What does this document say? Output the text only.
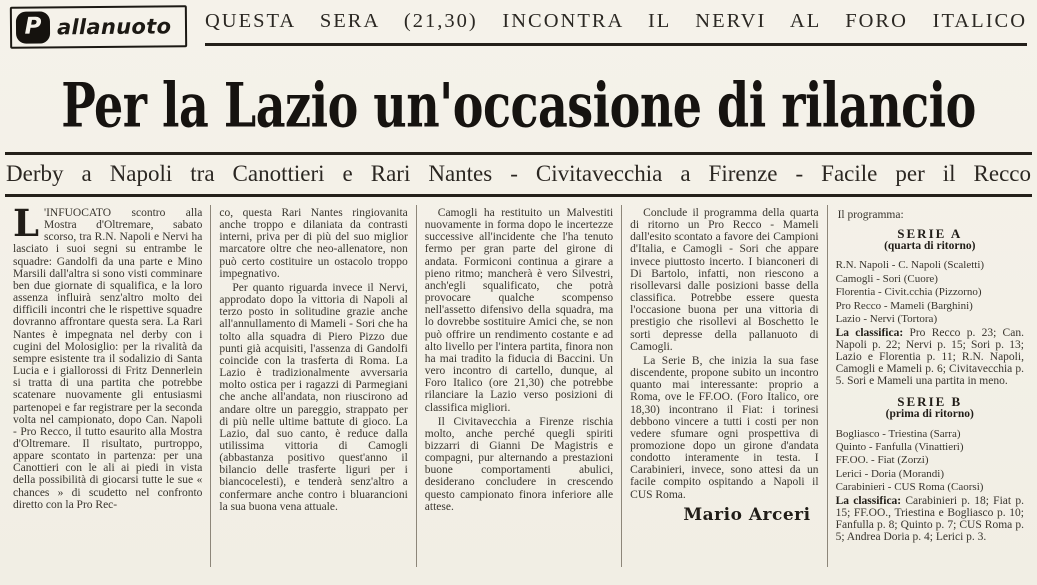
P allanuoto QUESTA SERA (21,30) INCONTRA IL NERVI AL FORO ITALICO
Per la Lazio un'occasione di rilancio
Derby a Napoli tra Canottieri e Rari Nantes - Civitavecchia a Firenze - Facile per il Recco

L 'INFUOCATO scontro alla Mostra d'Oltremare, sabato scorso, tra R.N. Napoli e Nervi ha lasciato i suoi segni su entrambe le squadre: Gandolfi da una parte e Mino Marsili dall'altra si sono visti comminare ben due giornate di squalifica, e la loro assenza influirà senz'altro molto dei difficili incontri che le rispettive squadre dovranno affrontare questa sera. La Rari Nantes è impegnata nel derby con i cugini del Molosiglio: per la rivalità da sempre esistente tra il sodalizio di Santa Lucia e i giallorossi di Fritz Dennerlein si tratta di una partita che potrebbe scatenare nuovamente gli entusiasmi partenopei e far registrare per la seconda volta nel campionato, dopo Can. Napoli - Pro Recco, il tutto esaurito alla Mostra d'Oltremare. Il risultato, purtroppo, appare scontato in partenza: per una Canottieri con le ali ai piedi in vista della possibilità di giocarsi tutte le sue « chances » di scudetto nel confronto diretto con la Pro Rec-

co, questa Rari Nantes ringiovanita anche troppo e dilaniata da contrasti interni, priva per di più del suo miglior marcatore oltre che neo-allenatore, non può certo costituire un ostacolo troppo impegnativo.

Per quanto riguarda invece il Nervi, approdato dopo la vittoria di Napoli al terzo posto in solitudine grazie anche all'annullamento di Mameli - Sori che ha tolto alla squadra di Piero Pizzo due punti già acquisiti, l'assenza di Gandolfi coincide con la trasferta di Roma. La Lazio è tradizionalmente avversaria molto ostica per i ragazzi di Parmegiani che anche all'andata, non riuscirono ad andare oltre un pareggio, strappato per di più nelle ultime battute di gioco. La Lazio, dal suo canto, è reduce dalla utilissima vittoria di Camogli (abbastanza positivo quest'anno il bilancio delle trasferte liguri per i biancocelesti), e tenderà senz'altro a confermare anche contro i bluarancioni la sua buona vena attuale.

Camogli ha restituito un Malvestiti nuovamente in forma dopo le incertezze successive all'incidente che l'ha tenuto fermo per gran parte del girone di andata. Formiconi continua a girare a pieno ritmo; mancherà è vero Silvestri, anch'egli squalificato, che potrà provocare qualche scompenso nell'assetto difensivo della squadra, ma lo dovrebbe sostituire Amici che, se non può offrire un rendimento costante e ad alto livello per l'intera partita, finora non ha mai tradito la fiducia di Baccini. Un vero incontro di cartello, dunque, al Foro Italico (ore 21,30) che potrebbe rilanciare la Lazio verso posizioni di classifica migliori.

Il Civitavecchia a Firenze rischia molto, anche perché quegli spiriti bizzarri di Gianni De Magistris e compagni, pur alternando a prestazioni buone comportamenti abulici, desiderano concludere in crescendo questo campionato finora inferiore alle attese.

Conclude il programma della quarta di ritorno un Pro Recco - Mameli dall'esito scontato a favore dei Campioni d'Italia, e Camogli - Sori che appare invece piuttosto incerto. I bianconeri di Di Bartolo, infatti, non riescono a risollevarsi dalle posizioni basse della classifica. Potrebbe essere questa l'occasione buona per una vittoria di prestigio che risollevi al Boschetto le sorti depresse della pallanuoto di Camogli.

La Serie B, che inizia la sua fase discendente, propone subito un incontro quanto mai interessante: proprio a Roma, ove le FF.OO. (Foro Italico, ore 18,30) incontrano il Fiat: i torinesi debbono vincere a tutti i costi per non vedere sfumare ogni prospettiva di promozione dopo un girone d'andata condotto interamente in testa. I Carabinieri, invece, sono attesi da un facile compito ospitando a Napoli il CUS Roma.

Mario Arceri
Il programma:
SERIE A
(quarta di ritorno)
R.N. Napoli - C. Napoli (Scaletti)
Camogli - Sori (Cuore)
Florentia - Civit.cchia (Pizzorno)
Pro Recco - Mameli (Barghini)
Lazio - Nervi (Tortora)

La classifica: Pro Recco p. 23; Can. Napoli p. 22; Nervi p. 15; Sori p. 13; Lazio e Florentia p. 11; R.N. Napoli, Camogli e Mameli p. 6; Civitavecchia p. 5. Sori e Mameli una partita in meno.

SERIE B
(prima di ritorno)
Bogliasco - Triestina (Sarra)
Quinto - Fanfulla (Vinattieri)
FF.OO. - Fiat (Zorzi)
Lerici - Doria (Morandi)
Carabinieri - CUS Roma (Caorsi)

La classifica: Carabinieri p. 18; Fiat p. 15; FF.OO., Triestina e Bogliasco p. 10; Fanfulla p. 8; Quinto p. 7; CUS Roma p. 5; Andrea Doria p. 4; Lerici p. 3.
